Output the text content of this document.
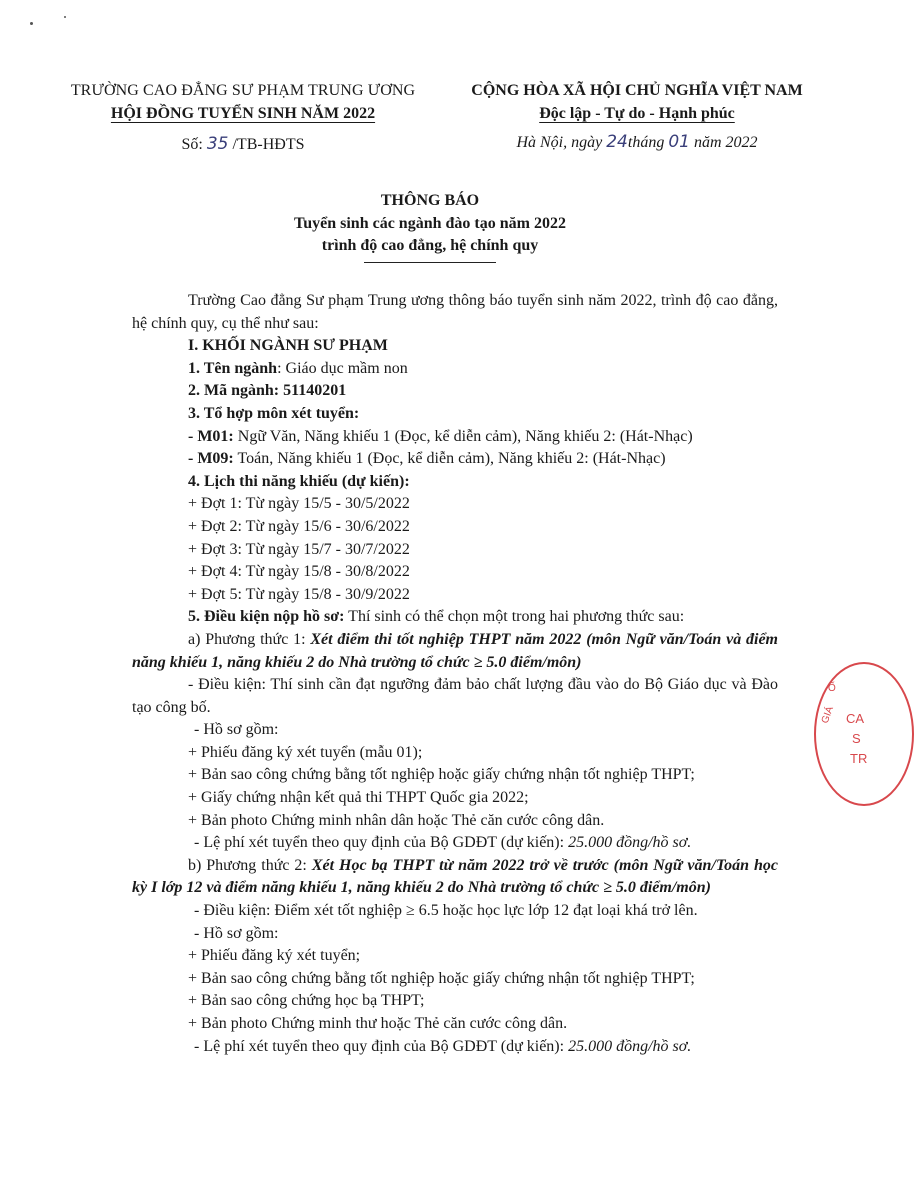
TRƯỜNG CAO ĐẲNG SƯ PHẠM TRUNG ƯƠNG
HỘI ĐỒNG TUYỂN SINH NĂM 2022
Số: 35 /TB-HĐTS
CỘNG HÒA XÃ HỘI CHỦ NGHĨA VIỆT NAM
Độc lập - Tự do - Hạnh phúc
Hà Nội, ngày 24tháng 01 năm 2022
THÔNG BÁO
Tuyển sinh các ngành đào tạo năm 2022
trình độ cao đẳng, hệ chính quy

Trường Cao đẳng Sư phạm Trung ương thông báo tuyển sinh năm 2022, trình độ cao đẳng, hệ chính quy, cụ thể như sau:

I. KHỐI NGÀNH SƯ PHẠM

1. Tên ngành: Giáo dục mầm non

2. Mã ngành: 51140201

3. Tổ hợp môn xét tuyển:

- M01: Ngữ Văn, Năng khiếu 1 (Đọc, kể diễn cảm), Năng khiếu 2: (Hát-Nhạc)

- M09: Toán, Năng khiếu 1 (Đọc, kể diễn cảm), Năng khiếu 2: (Hát-Nhạc)

4. Lịch thi năng khiếu (dự kiến):

+ Đợt 1: Từ ngày 15/5 - 30/5/2022

+ Đợt 2: Từ ngày 15/6 - 30/6/2022

+ Đợt 3: Từ ngày 15/7 - 30/7/2022

+ Đợt 4: Từ ngày 15/8 - 30/8/2022

+ Đợt 5: Từ ngày 15/8 - 30/9/2022

5. Điều kiện nộp hồ sơ: Thí sinh có thể chọn một trong hai phương thức sau:

a) Phương thức 1: Xét điểm thi tốt nghiệp THPT năm 2022 (môn Ngữ văn/Toán và điểm năng khiếu 1, năng khiếu 2 do Nhà trường tổ chức ≥ 5.0 điểm/môn)

- Điều kiện: Thí sinh cần đạt ngưỡng đảm bảo chất lượng đầu vào do Bộ Giáo dục và Đào tạo công bố.

- Hồ sơ gồm:

+ Phiếu đăng ký xét tuyển (mẫu 01);

+ Bản sao công chứng bằng tốt nghiệp hoặc giấy chứng nhận tốt nghiệp THPT;

+ Giấy chứng nhận kết quả thi THPT Quốc gia 2022;

+ Bản photo Chứng minh nhân dân hoặc Thẻ căn cước công dân.

- Lệ phí xét tuyển theo quy định của Bộ GDĐT (dự kiến): 25.000 đồng/hồ sơ.

b) Phương thức 2: Xét Học bạ THPT từ năm 2022 trở về trước (môn Ngữ văn/Toán học kỳ I lớp 12 và điểm năng khiếu 1, năng khiếu 2 do Nhà trường tổ chức ≥ 5.0 điểm/môn)

- Điều kiện: Điểm xét tốt nghiệp ≥ 6.5 hoặc học lực lớp 12 đạt loại khá trở lên.

- Hồ sơ gồm:

+ Phiếu đăng ký xét tuyển;

+ Bản sao công chứng bằng tốt nghiệp hoặc giấy chứng nhận tốt nghiệp THPT;

+ Bản sao công chứng học bạ THPT;

+ Bản photo Chứng minh thư hoặc Thẻ căn cước công dân.

- Lệ phí xét tuyển theo quy định của Bộ GDĐT (dự kiến): 25.000 đồng/hồ sơ.

CA
S
TR
GIÁ
Ố
